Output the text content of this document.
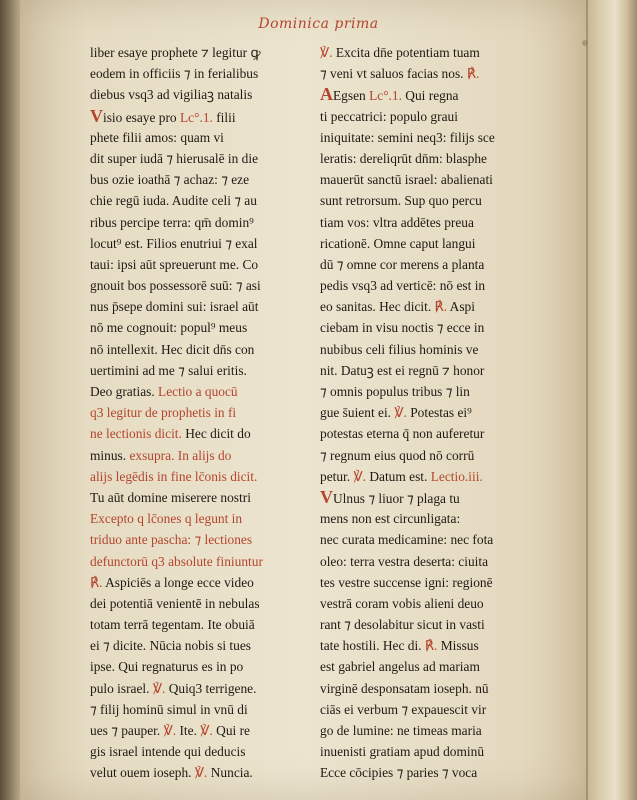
Dominica prima
liber esaye prophete ⁊ legitur ꝙ
eodem in officiis ⁊ in ferialibus
diebus vsq3 ad vigiliaꝫ natalis
Visio esaye pro Lc°.1. filii
phete filii amos: quam vi
dit super iudā ⁊ hierusalē in die
bus ozie ioathā ⁊ achaz: ⁊ eze
chie regū iuda. Audite celi ⁊ au
ribus percipe terra: qm̄ domin⁹
locut⁹ est. Filios enutriui ⁊ exal
taui: ipsi aūt spreuerunt me. Co
gnouit bos possessorē suū: ⁊ asi
nus p̄sepe domini sui: israel aūt
nō me cognouit: popul⁹ meus
nō intellexit. Hec dicit dn̄s con
uertimini ad me ⁊ salui eritis.
Deo gratias. Lectio a quocū
q3 legitur de prophetis in fi
ne lectionis dicit. Hec dicit do
minus. exsupra. In alijs do
alijs legēdis in fine lc̄onis dicit.
Tu aūt domine miserere nostri
Excepto q lc̄ones q legunt in
triduo ante pascha: ⁊ lectiones
defunctorū q3 absolute finiuntur
℟. Aspiciēs a longe ecce video
dei potentiā venientē in nebulas
totam terrā tegentam. Ite obuiā
ei ⁊ dicite. Nūcia nobis si tues
ipse. Qui regnaturus es in po
pulo israel. ℣. Quiq3 terrigene.
⁊ filij hominū simul in vnū di
ues ⁊ pauper. ℣. Ite. ℣. Qui re
gis israel intende qui deducis
velut ouem ioseph. ℣. Nuncia.
℣. Excita dn̄e potentiam tuam
⁊ veni vt saluos facias nos. ℟.
AEgsen Lc°.1. Qui regna
ti peccatrici: populo graui
iniquitate: semini neq3: filijs sce
leratis: dereliqrūt dn̄m: blasphe
mauerūt sanctū israel: abalienati
sunt retrorsum. Sup quo percu
tiam vos: vltra addētes preua
ricationē. Omne caput langui
dū ⁊ omne cor merens a planta
pedis vsq3 ad verticē: nō est in
eo sanitas. Hec dicit. ℟. Aspi
ciebam in visu noctis ⁊ ecce in
nubibus celi filius hominis ve
nit. Datuꝫ est ei regnū ⁊ honor
⁊ omnis populus tribus ⁊ lin
gue s̄uient ei. ℣. Potestas ei⁹
potestas eterna q̄ non auferetur
⁊ regnum eius quod nō corrū
petur. ℣. Datum est. Lectio.iii.
VUlnus ⁊ liuor ⁊ plaga tu
mens non est circunligata:
nec curata medicamine: nec fota
oleo: terra vestra deserta: ciuita
tes vestre succense igni: regionē
vestrā coram vobis alieni deuo
rant ⁊ desolabitur sicut in vasti
tate hostili. Hec di. ℟. Missus
est gabriel angelus ad mariam
virginē desponsatam ioseph. nū
ciās ei verbum ⁊ expauescit vir
go de lumine: ne timeas maria
inuenisti gratiam apud dominū
Ecce cōcipies ⁊ paries ⁊ voca
